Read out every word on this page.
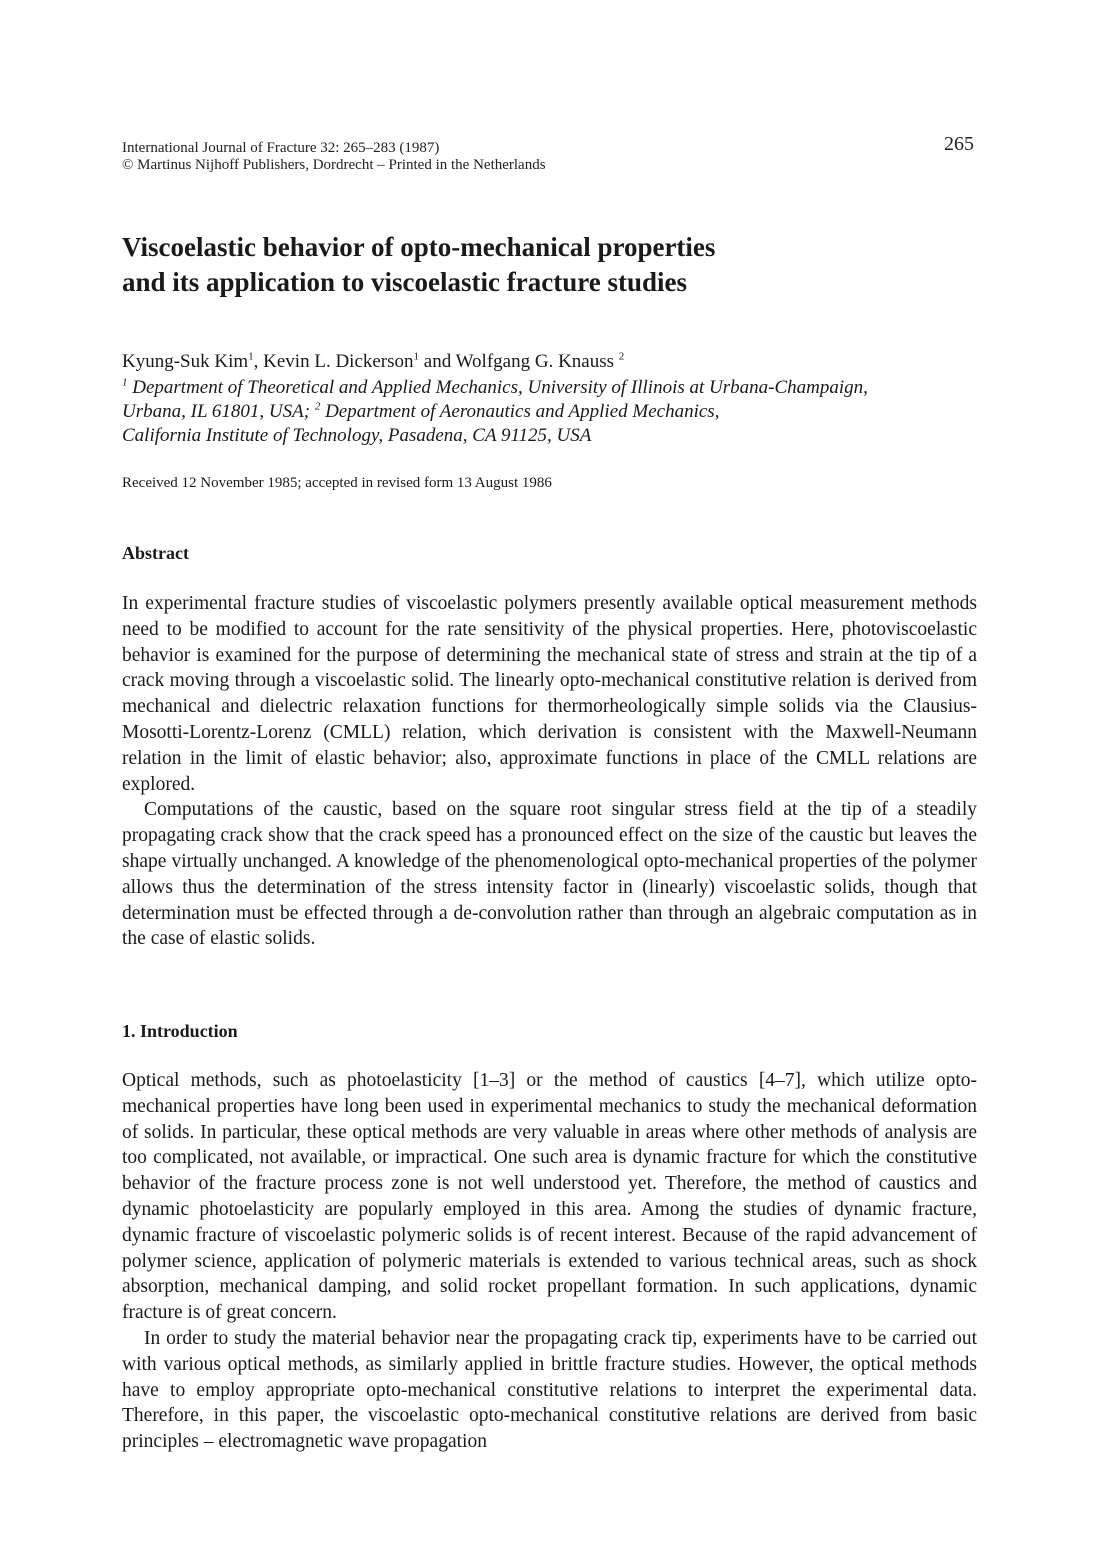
International Journal of Fracture 32: 265–283 (1987)
© Martinus Nijhoff Publishers, Dordrecht – Printed in the Netherlands
265
Viscoelastic behavior of opto-mechanical properties
and its application to viscoelastic fracture studies
Kyung-Suk Kim$^1$, Kevin L. Dickerson$^1$ and Wolfgang G. Knauss $^2$
$^1$ Department of Theoretical and Applied Mechanics, University of Illinois at Urbana-Champaign,
Urbana, IL 61801, USA; $^2$ Department of Aeronautics and Applied Mechanics,
California Institute of Technology, Pasadena, CA 91125, USA
Received 12 November 1985; accepted in revised form 13 August 1986
Abstract

In experimental fracture studies of viscoelastic polymers presently available optical measurement methods need to be modified to account for the rate sensitivity of the physical properties. Here, photoviscoelastic behavior is examined for the purpose of determining the mechanical state of stress and strain at the tip of a crack moving through a viscoelastic solid. The linearly opto-mechanical constitutive relation is derived from mechanical and dielectric relaxation functions for thermorheologically simple solids via the Clausius-Mosotti-Lorentz-Lorenz (CMLL) relation, which derivation is consistent with the Maxwell-Neumann relation in the limit of elastic behavior; also, approximate functions in place of the CMLL relations are explored.

Computations of the caustic, based on the square root singular stress field at the tip of a steadily propagating crack show that the crack speed has a pronounced effect on the size of the caustic but leaves the shape virtually unchanged. A knowledge of the phenomenological opto-mechanical properties of the polymer allows thus the determination of the stress intensity factor in (linearly) viscoelastic solids, though that determination must be effected through a de-convolution rather than through an algebraic computation as in the case of elastic solids.

1. Introduction

Optical methods, such as photoelasticity [1–3] or the method of caustics [4–7], which utilize opto-mechanical properties have long been used in experimental mechanics to study the mechanical deformation of solids. In particular, these optical methods are very valuable in areas where other methods of analysis are too complicated, not available, or impractical. One such area is dynamic fracture for which the constitutive behavior of the fracture process zone is not well understood yet. Therefore, the method of caustics and dynamic photoelasticity are popularly employed in this area. Among the studies of dynamic fracture, dynamic fracture of viscoelastic polymeric solids is of recent interest. Because of the rapid advancement of polymer science, application of polymeric materials is extended to various technical areas, such as shock absorption, mechanical damping, and solid rocket propellant formation. In such applications, dynamic fracture is of great concern.

In order to study the material behavior near the propagating crack tip, experiments have to be carried out with various optical methods, as similarly applied in brittle fracture studies. However, the optical methods have to employ appropriate opto-mechanical constitutive relations to interpret the experimental data. Therefore, in this paper, the viscoelastic opto-mechanical constitutive relations are derived from basic principles – electromagnetic wave propagation
